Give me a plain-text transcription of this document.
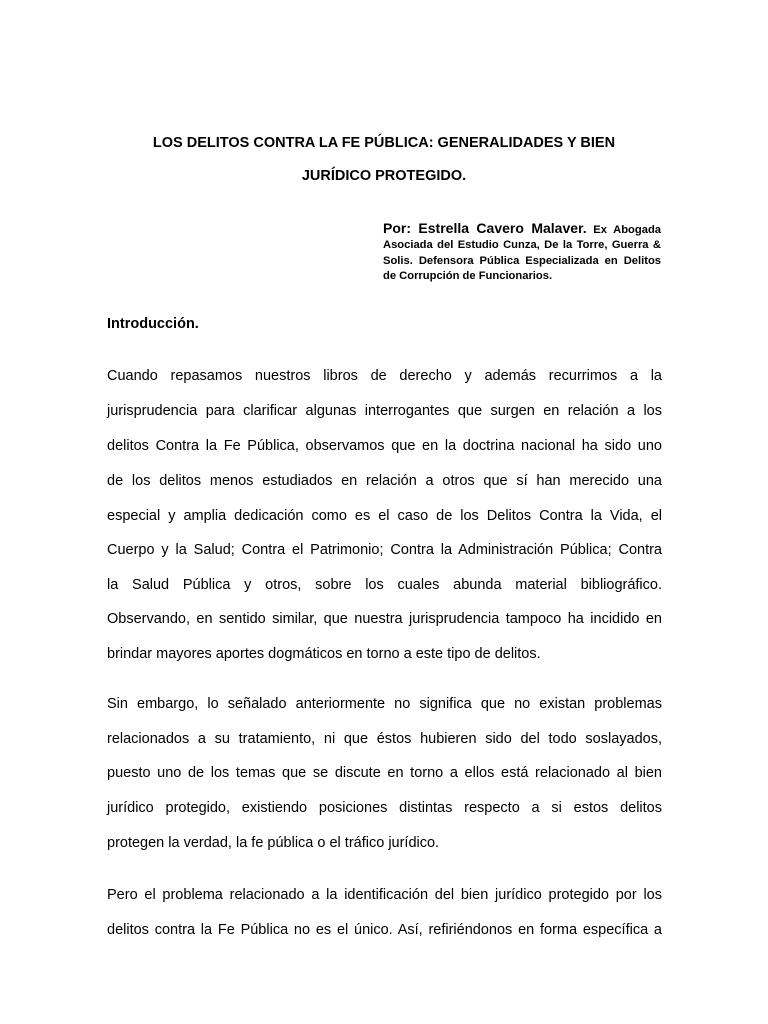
LOS DELITOS CONTRA LA FE PÚBLICA: GENERALIDADES Y BIEN
JURÍDICO PROTEGIDO.
Por: Estrella Cavero Malaver. Ex Abogada Asociada del Estudio Cunza, De la Torre, Guerra & Solis. Defensora Pública Especializada en Delitos de Corrupción de Funcionarios.
Introducción.
Cuando repasamos nuestros libros de derecho y además recurrimos a la
jurisprudencia para clarificar algunas interrogantes que surgen en relación a los
delitos Contra la Fe Pública, observamos que en la doctrina nacional ha sido uno
de los delitos menos estudiados en relación a otros que sí han merecido una
especial y amplia dedicación como es el caso de los Delitos Contra la Vida, el
Cuerpo y la Salud; Contra el Patrimonio; Contra la Administración Pública; Contra
la Salud Pública y otros, sobre los cuales abunda material bibliográfico.
Observando, en sentido similar, que nuestra jurisprudencia tampoco ha incidido en
brindar mayores aportes dogmáticos en torno a este tipo de delitos.
Sin embargo, lo señalado anteriormente no significa que no existan problemas
relacionados a su tratamiento, ni que éstos hubieren sido del todo soslayados,
puesto uno de los temas que se discute en torno a ellos está relacionado al bien
jurídico protegido, existiendo posiciones distintas respecto a si estos delitos
protegen la verdad, la fe pública o el tráfico jurídico.
Pero el problema relacionado a la identificación del bien jurídico protegido por los
delitos contra la Fe Pública no es el único. Así, refiriéndonos en forma específica a
